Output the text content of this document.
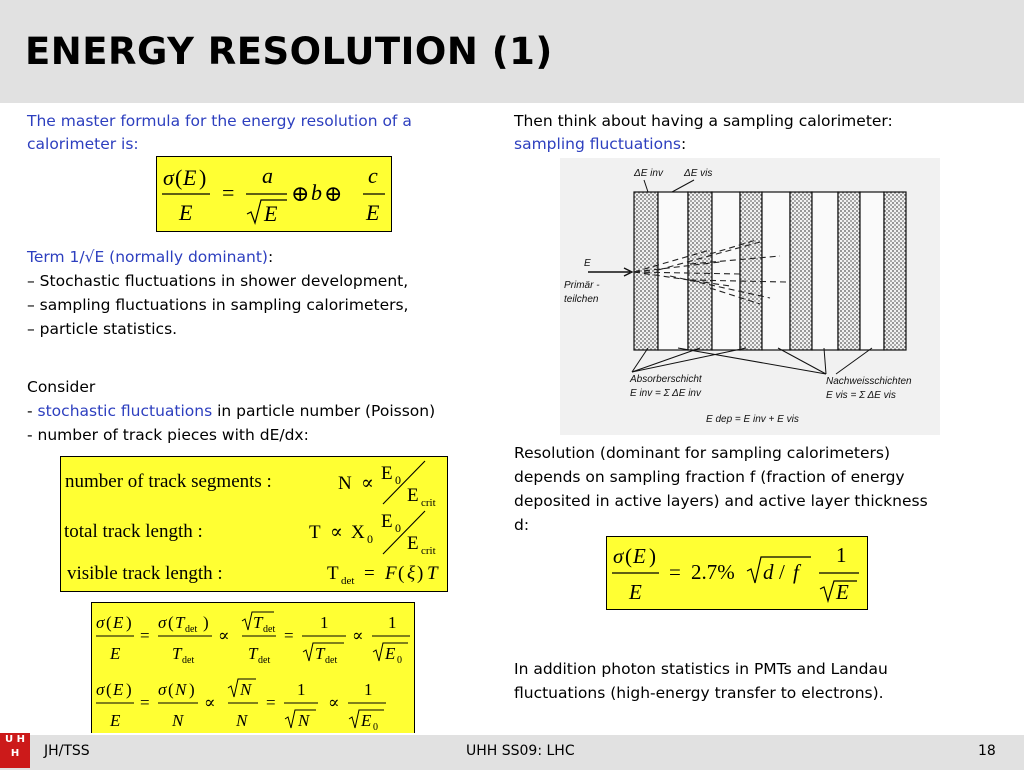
ENERGY RESOLUTION (1)
The master formula for the energy resolution of a
calorimeter is:
σ ( E )
E
=
a
E
⊕ b ⊕
c
E
Term 1/√E (normally dominant):
– Stochastic fluctuations in shower development,
– sampling fluctuations in sampling calorimeters,
– particle statistics.
Consider
- stochastic fluctuations in particle number (Poisson)
- number of track pieces with dE/dx:
number of track segments :
total track length :
visible track length :
N ∝ E 0
E crit
T ∝ X 0
E 0
E crit
T det = F ( ξ ) T
σ ( E )
E
=
σ ( T det )
T det
∝
T det
T det
=
1
T det
∝
1
E 0
σ ( E )
E
=
σ ( N )
N
∝
N
N
=
1
N
∝
1
E 0
Then think about having a sampling calorimeter:
sampling fluctuations:
ΔE inv ΔE vis
E
Primär -
teilchen
Absorberschicht
E inv = Σ ΔE inv
Nachweisschichten
E vis = Σ ΔE vis
E dep = E inv + E vis
Resolution (dominant for sampling calorimeters)
depends on sampling fraction f (fraction of energy
deposited in active layers) and active layer thickness
d:
σ ( E )
E
= 2.7% d / f
1
E
In addition photon statistics in PMTs and Landau
fluctuations (high-energy transfer to electrons).
U H H	JH/TSS	UHH SS09: LHC	18
